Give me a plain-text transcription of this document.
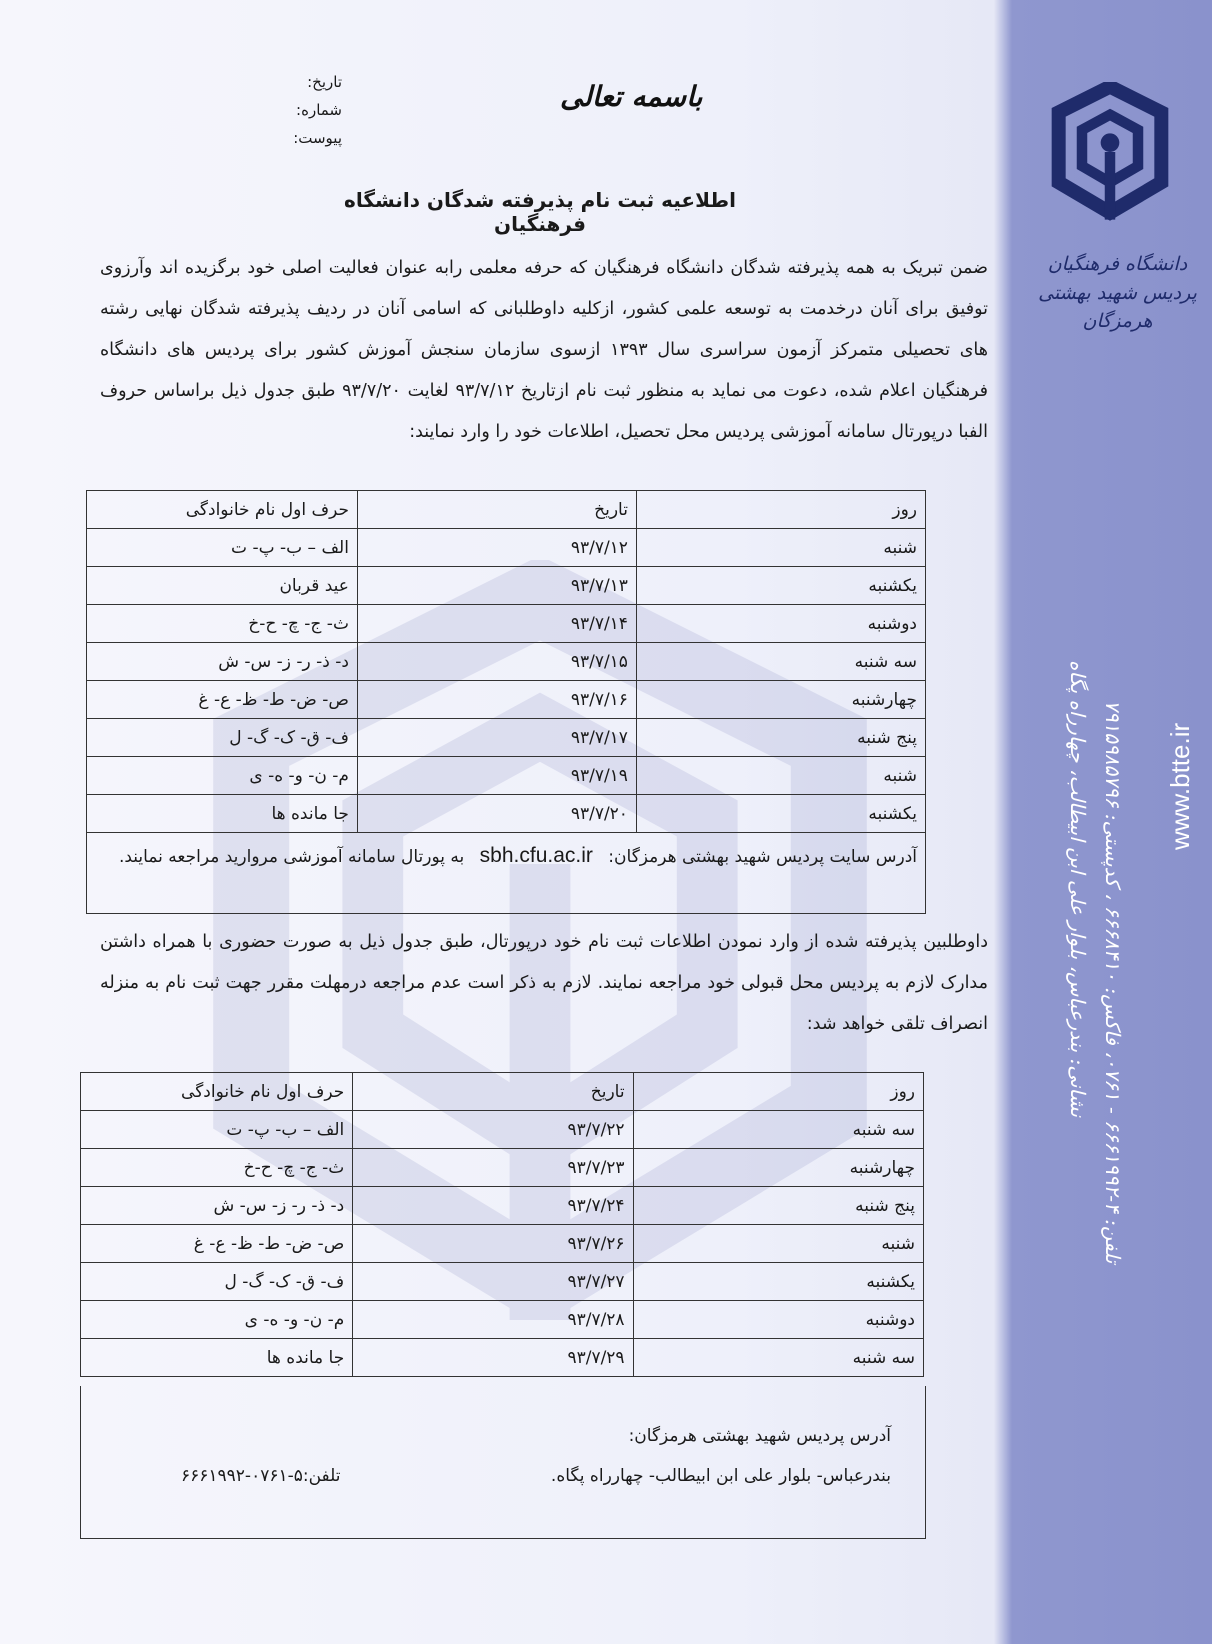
دانشگاه فرهنگیان
پردیس شهید بهشتی هرمزگان
نشانی: بندرعباس، بلوار علی ابن ابیطالب، چهارراه پگاه تلفن: ۴-۶۶۶۱۹۹۲ - ۰۷۶۱، فاکس: ۶۶۶۸۴۱۰ ، کدپستی: ۷۹۱۵۹۸۵۷۹۶
www.btte.ir
تاریخ:
شماره:
پیوست:
باسمه تعالی
اطلاعیه ثبت نام پذیرفته شدگان دانشگاه فرهنگیان
ضمن تبریک به همه پذیرفته شدگان دانشگاه فرهنگیان که حرفه معلمی رابه عنوان فعالیت اصلی خود برگزیده اند وآرزوی توفیق برای آنان درخدمت به توسعه علمی کشور، ازکلیه داوطلبانی که اسامی آنان در ردیف پذیرفته شدگان نهایی رشته های تحصیلی متمرکز آزمون سراسری سال ۱۳۹۳ ازسوی سازمان سنجش آموزش کشور برای پردیس های دانشگاه فرهنگیان اعلام شده، دعوت می نماید به منظور ثبت نام ازتاریخ ۹۳/۷/۱۲ لغایت ۹۳/۷/۲۰ طبق جدول ذیل براساس حروف الفبا درپورتال سامانه آموزشی پردیس محل تحصیل، اطلاعات خود را وارد نمایند:
روز	تاریخ	حرف اول نام خانوادگی
شنبه	۹۳/۷/۱۲	الف – ب- پ- ت
یکشنبه	۹۳/۷/۱۳	عید قربان
دوشنبه	۹۳/۷/۱۴	ث- ج- چ- ح-خ
سه شنبه	۹۳/۷/۱۵	د- ذ- ر- ز- س- ش
چهارشنبه	۹۳/۷/۱۶	ص- ض- ط- ظ- ع- غ
پنج شنبه	۹۳/۷/۱۷	ف- ق- ک- گ- ل
شنبه	۹۳/۷/۱۹	م- ن- و- ه- ی
یکشنبه	۹۳/۷/۲۰	جا مانده ها
آدرس سایت پردیس شهید بهشتی هرمزگان: sbh.cfu.ac.ir به پورتال سامانه آموزشی مروارید مراجعه نمایند.		
داوطلبین پذیرفته شده از وارد نمودن اطلاعات ثبت نام خود درپورتال، طبق جدول ذیل به صورت حضوری با همراه داشتن مدارک لازم به پردیس محل قبولی خود مراجعه نمایند. لازم به ذکر است عدم مراجعه درمهلت مقرر جهت ثبت نام به منزله انصراف تلقی خواهد شد:
روز	تاریخ	حرف اول نام خانوادگی
سه شنبه	۹۳/۷/۲۲	الف – ب- پ- ت
چهارشنبه	۹۳/۷/۲۳	ث- ج- چ- ح-خ
پنج شنبه	۹۳/۷/۲۴	د- ذ- ر- ز- س- ش
شنبه	۹۳/۷/۲۶	ص- ض- ط- ظ- ع- غ
یکشنبه	۹۳/۷/۲۷	ف- ق- ک- گ- ل
دوشنبه	۹۳/۷/۲۸	م- ن- و- ه- ی
سه شنبه	۹۳/۷/۲۹	جا مانده ها
آدرس پردیس شهید بهشتی هرمزگان:
بندرعباس- بلوار علی ابن ابیطالب- چهارراه پگاه.
تلفن:۵-۰۷۶۱-۶۶۶۱۹۹۲
